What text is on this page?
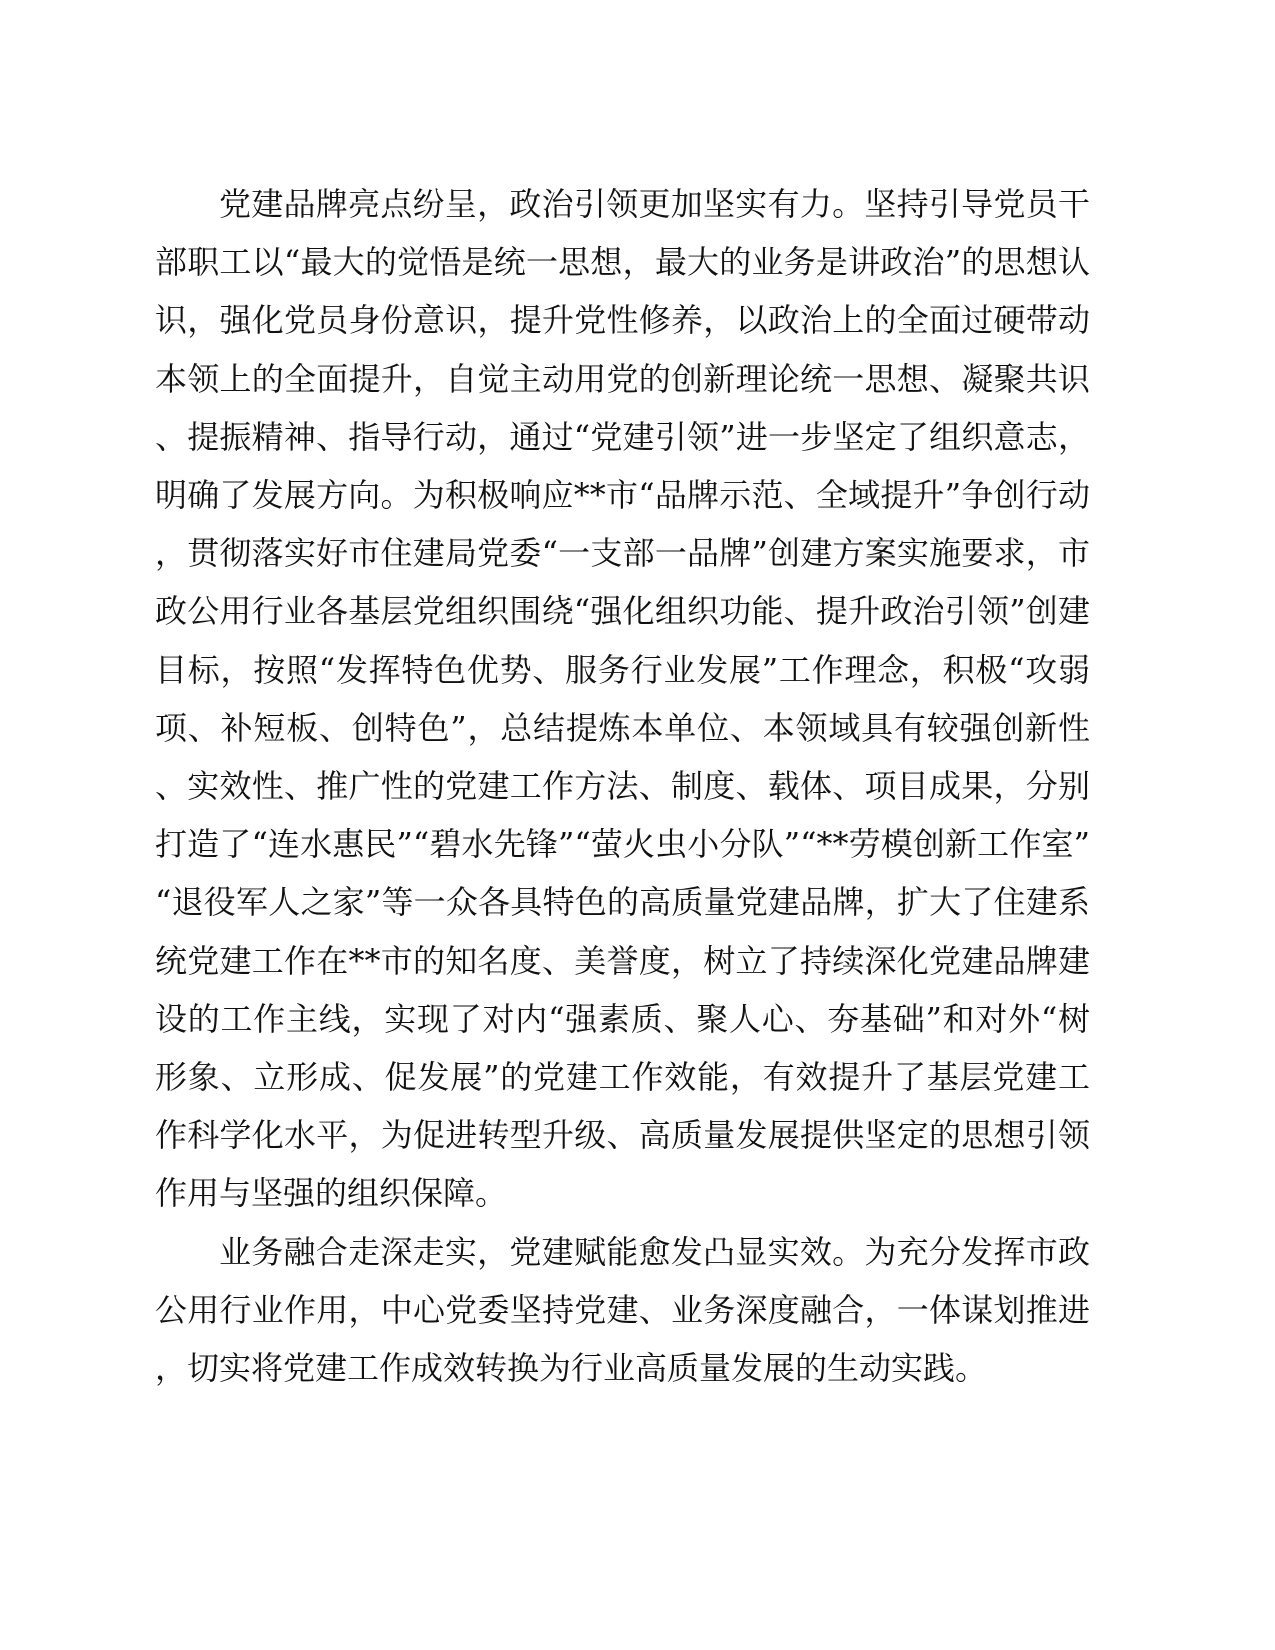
党建品牌亮点纷呈，政治引领更加坚实有力。坚持引导党员干部职工以“最大的觉悟是统一思想，最大的业务是讲政治”的思想认识，强化党员身份意识，提升党性修养，以政治上的全面过硬带动本领上的全面提升，自觉主动用党的创新理论统一思想、凝聚共识、提振精神、指导行动，通过“党建引领”进一步坚定了组织意志，明确了发展方向。为积极响应**市“品牌示范、全域提升”争创行动，贯彻落实好市住建局党委“一支部一品牌”创建方案实施要求，市政公用行业各基层党组织围绕“强化组织功能、提升政治引领”创建目标，按照“发挥特色优势、服务行业发展”工作理念，积极“攻弱项、补短板、创特色”，总结提炼本单位、本领域具有较强创新性、实效性、推广性的党建工作方法、制度、载体、项目成果，分别打造了“连水惠民”“碧水先锋”“萤火虫小分队”“**劳模创新工作室”“退役军人之家”等一众各具特色的高质量党建品牌，扩大了住建系统党建工作在**市的知名度、美誉度，树立了持续深化党建品牌建设的工作主线，实现了对内“强素质、聚人心、夯基础”和对外“树形象、立形成、促发展”的党建工作效能，有效提升了基层党建工作科学化水平，为促进转型升级、高质量发展提供坚定的思想引领作用与坚强的组织保障。

业务融合走深走实，党建赋能愈发凸显实效。为充分发挥市政公用行业作用，中心党委坚持党建、业务深度融合，一体谋划推进，切实将党建工作成效转换为行业高质量发展的生动实践。
